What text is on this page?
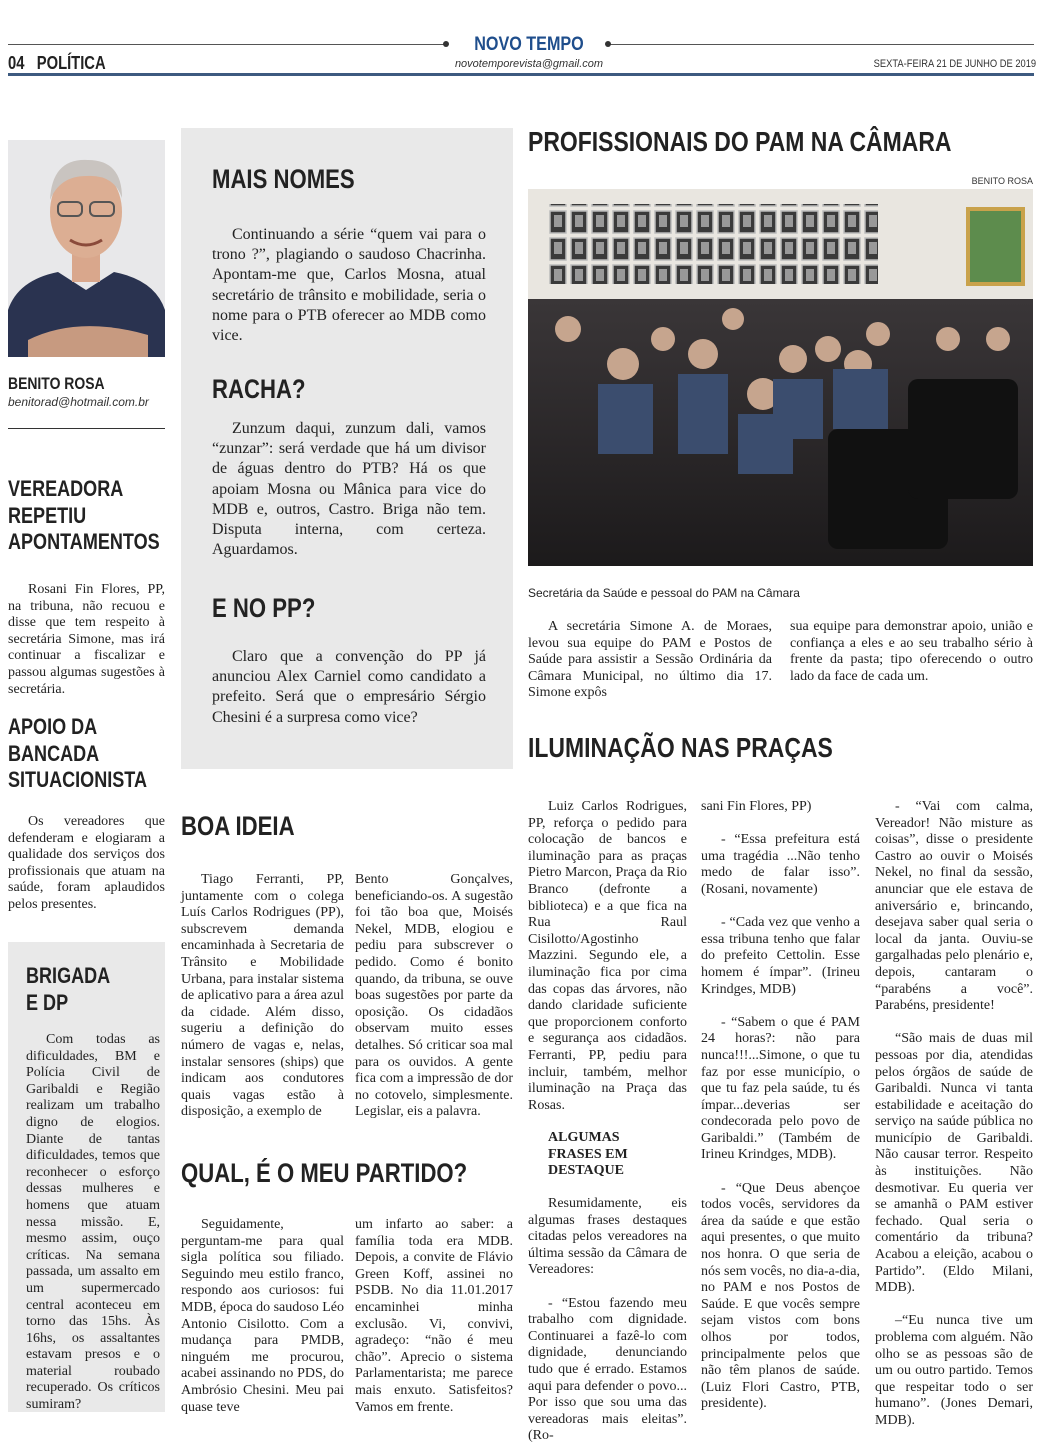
NOVO TEMPO
novotemporevista@gmail.com
04 POLÍTICA	SEXTA-FEIRA 21 DE JUNHO DE 2019
BENITO ROSA
benitorad@hotmail.com.br
VEREADORA
REPETIU
APONTAMENTOS
Rosani Fin Flores, PP, na tribuna, não recuou e disse que tem respeito à secretária Simone, mas irá continuar a fiscalizar e passou algumas sugestões à secretária.
APOIO DA
BANCADA
SITUACIONISTA
Os vereadores que defenderam e elogiaram a qualidade dos serviços dos profissionais que atuam na saúde, foram aplaudidos pelos presentes.
BRIGADA
E DP
Com todas as dificuldades, BM e Polícia Civil de Garibaldi e Região realizam um trabalho digno de elogios. Diante de tantas dificuldades, temos que reconhecer o esforço dessas mulheres e homens que atuam nessa missão. E, mesmo assim, ouço críticas. Na semana passada, um assalto em um supermercado central aconteceu em torno das 15hs. Às 16hs, os assaltantes estavam presos e o material roubado recuperado. Os críticos sumiram?
MAIS NOMES
Continuando a série “quem vai para o trono ?”, plagiando o saudoso Chacrinha. Apontam-me que, Carlos Mosna, atual secretário de trânsito e mobilidade, seria o nome para o PTB oferecer ao MDB como vice.
RACHA?
Zunzum daqui, zunzum dali, vamos “zunzar”: será verdade que há um divisor de águas dentro do PTB? Há os que apoiam Mosna ou Mânica para vice do MDB e, outros, Castro. Briga não tem. Disputa interna, com certeza. Aguardamos.
E NO PP?
Claro que a convenção do PP já anunciou Alex Carniel como candidato a prefeito. Será que o empresário Sérgio Chesini é a surpresa como vice?
BOA IDEIA
Tiago Ferranti, PP, juntamente com o colega Luís Carlos Rodrigues (PP), subscrevem demanda encaminhada à Secretaria de Trânsito e Mobilidade Urbana, para instalar sistema de aplicativo para a área azul da cidade. Além disso, sugeriu a definição do número de vagas e, nelas, instalar sensores (ships) que indicam aos condutores quais vagas estão à disposição, a exemplo de
Bento Gonçalves, beneficiando-os. A sugestão foi tão boa que, Moisés Nekel, MDB, elogiou e pediu para subscrever o pedido. Como é bonito quando, da tribuna, se ouve boas sugestões por parte da oposição. Os cidadãos observam muito esses detalhes. Só criticar soa mal para os ouvidos. A gente fica com a impressão de dor no cotovelo, simplesmente. Legislar, eis a palavra.
QUAL, É O MEU PARTIDO?
Seguidamente, perguntam-me para qual sigla política sou filiado. Seguindo meu estilo franco, respondo aos curiosos: fui MDB, época do saudoso Léo Antonio Cisilotto. Com a mudança para PMDB, ninguém me procurou, acabei assinando no PDS, do Ambrósio Chesini. Meu pai quase teve
um infarto ao saber: a família toda era MDB. Depois, a convite de Flávio Green Koff, assinei no PSDB. No dia 11.01.2017 encaminhei minha exclusão. Vi, convivi, agradeço: “não é meu chão”. Aprecio o sistema Parlamentarista; me parece mais enxuto. Satisfeitos? Vamos em frente.
PROFISSIONAIS DO PAM NA CÂMARA
BENITO ROSA
Secretária da Saúde e pessoal do PAM na Câmara
A secretária Simone A. de Moraes, levou sua equipe do PAM e Postos de Saúde para assistir a Sessão Ordinária da Câmara Municipal, no último dia 17. Simone expôs
sua equipe para demonstrar apoio, união e confiança a eles e ao seu trabalho sério à frente da pasta; tipo oferecendo o outro lado da face de cada um.
ILUMINAÇÃO NAS PRAÇAS

Luiz Carlos Rodrigues, PP, reforça o pedido para colocação de bancos e iluminação para as praças Pietro Marcon, Praça da Rio Branco (defronte a biblioteca) e a que fica na Rua Raul Cisilotto/Agostinho Mazzini. Segundo ele, a iluminação fica por cima das copas das árvores, não dando claridade suficiente que proporcionem conforto e segurança aos cidadãos. Ferranti, PP, pediu para incluir, também, melhor iluminação na Praça das Rosas.

ALGUMAS
FRASES EM
DESTAQUE

Resumidamente, eis algumas frases destaques citadas pelos vereadores na última sessão da Câmara de Vereadores:

- “Estou fazendo meu trabalho com dignidade. Continuarei a fazê-lo com dignidade, denunciando tudo que é errado. Estamos aqui para defender o povo... Por isso que sou uma das vereadoras mais eleitas”. (Ro-

sani Fin Flores, PP)

- “Essa prefeitura está uma tragédia ...Não tenho medo de falar isso”. (Rosani, novamente)

- “Cada vez que venho a essa tribuna tenho que falar do prefeito Cettolin. Esse homem é ímpar”. (Irineu Krindges, MDB)

- “Sabem o que é PAM 24 horas?: não para nunca!!!...Simone, o que tu faz por esse município, o que tu faz pela saúde, tu és ímpar...deverias ser condecorada pelo povo de Garibaldi.” (Também de Irineu Krindges, MDB).

- “Que Deus abençoe todos vocês, servidores da área da saúde e que estão aqui presentes, o que muito nos honra. O que seria de nós sem vocês, no dia-a-dia, no PAM e nos Postos de Saúde. E que vocês sempre sejam vistos com bons olhos por todos, principalmente pelos que não têm planos de saúde. (Luiz Flori Castro, PTB, presidente).

- “Vai com calma, Vereador! Não misture as coisas”, disse o presidente Castro ao ouvir o Moisés Nekel, no final da sessão, anunciar que ele estava de aniversário e, brincando, desejava saber qual seria o local da janta. Ouviu-se gargalhadas pelo plenário e, depois, cantaram o “parabéns a você”. Parabéns, presidente!

“São mais de duas mil pessoas por dia, atendidas pelos órgãos de saúde de Garibaldi. Nunca vi tanta estabilidade e aceitação do serviço na saúde pública no município de Garibaldi. Não causar terror. Respeito às instituições. Não desmotivar. Eu queria ver se amanhã o PAM estiver fechado. Qual seria o comentário da tribuna? Acabou a eleição, acabou o Partido”. (Eldo Milani, MDB).

–“Eu nunca tive um problema com alguém. Não olho se as pessoas são de um ou outro partido. Temos que respeitar todo o ser humano”. (Jones Demari, MDB).
